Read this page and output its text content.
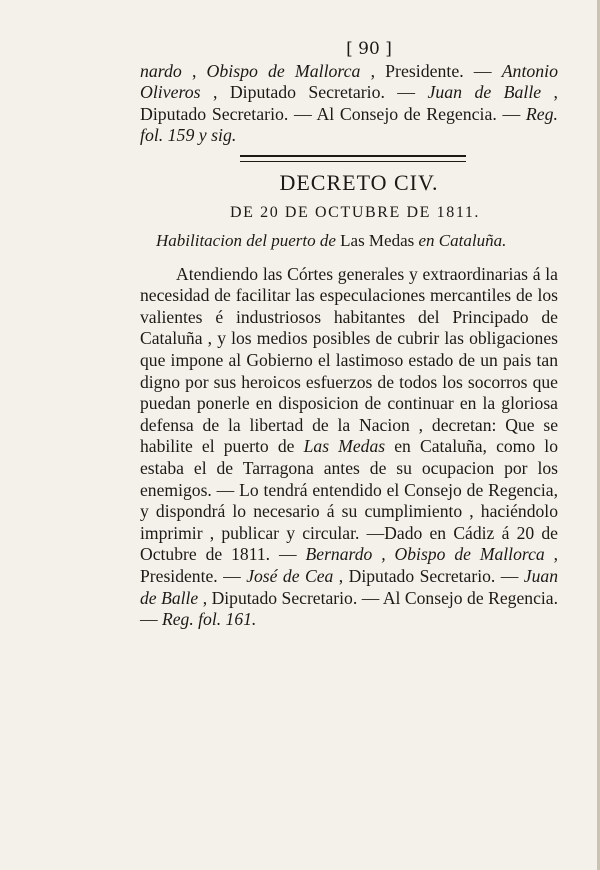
[ 90 ]

nardo , Obispo de Mallorca , Presidente. — Antonio Oliveros , Diputado Secretario. — Juan de Balle , Diputado Secretario. — Al Consejo de Regencia. — Reg. fol. 159 y sig.

DECRETO CIV.
DE 20 DE OCTUBRE DE 1811.
Habilitacion del puerto de Las Medas en Cataluña.

Atendiendo las Córtes generales y extraordinarias á la necesidad de facilitar las especulaciones mercantiles de los valientes é industriosos habitantes del Principado de Cataluña , y los medios posibles de cubrir las obligaciones que impone al Gobierno el lastimoso estado de un pais tan digno por sus heroicos esfuerzos de todos los socorros que puedan ponerle en disposicion de continuar en la gloriosa defensa de la libertad de la Nacion , decretan: Que se habilite el puerto de Las Medas en Cataluña, como lo estaba el de Tarragona antes de su ocupacion por los enemigos. — Lo tendrá entendido el Consejo de Regencia, y dispondrá lo necesario á su cumplimiento , haciéndolo imprimir , publicar y circular. —Dado en Cádiz á 20 de Octubre de 1811. — Bernardo , Obispo de Mallorca , Presidente. — José de Cea , Diputado Secretario. — Juan de Balle , Diputado Secretario. — Al Consejo de Regencia. — Reg. fol. 161.
